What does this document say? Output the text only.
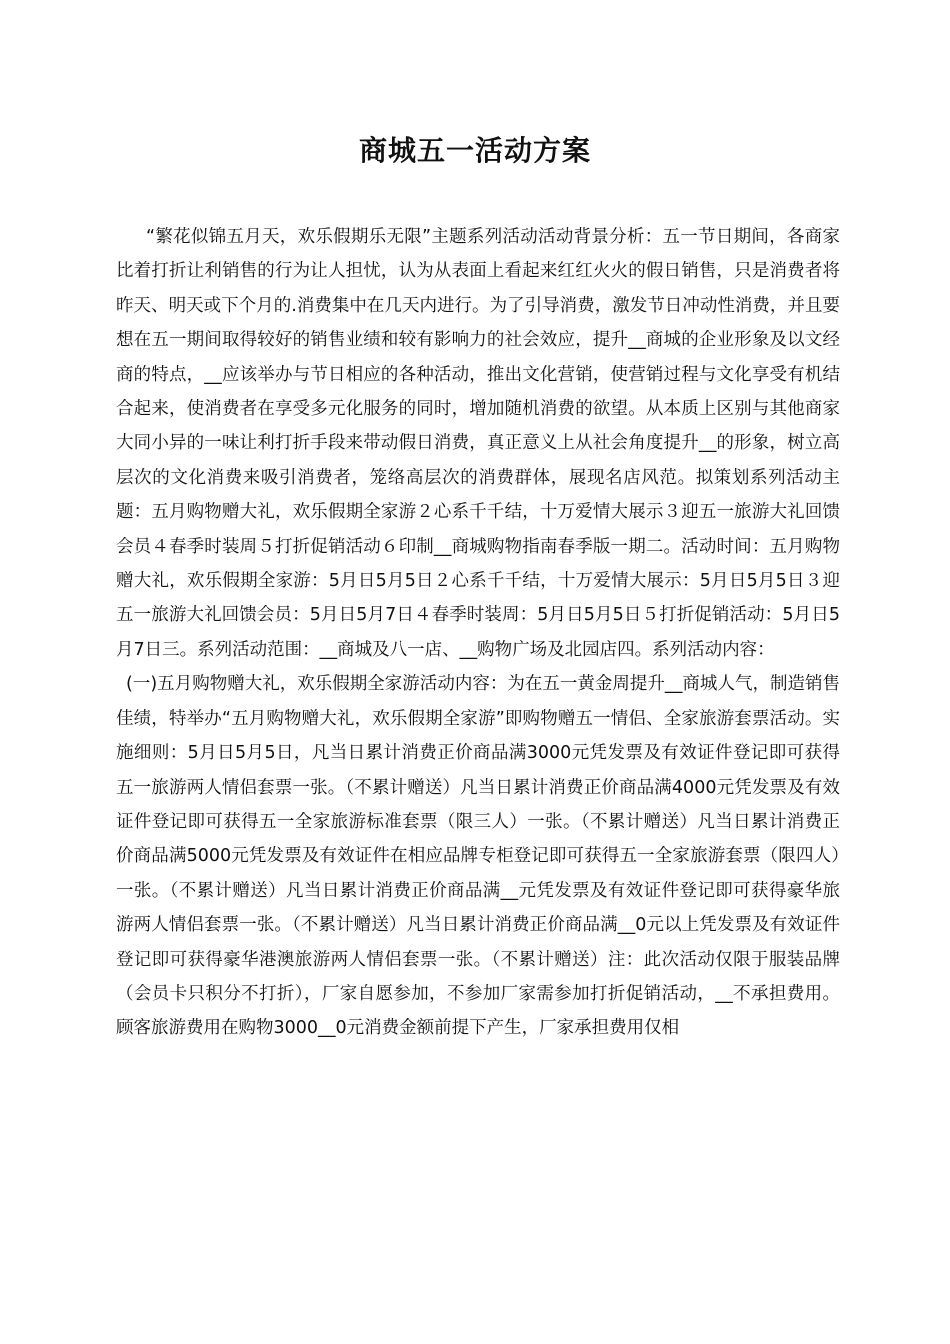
商城五一活动方案

“繁花似锦五月天，欢乐假期乐无限”主题系列活动活动背景分析：五一节日期间，各商家比着打折让利销售的行为让人担忧，认为从表面上看起来红红火火的假日销售，只是消费者将昨天、明天或下个月的.消费集中在几天内进行。为了引导消费，激发节日冲动性消费，并且要想在五一期间取得较好的销售业绩和较有影响力的社会效应，提升__商城的企业形象及以文经商的特点，__应该举办与节日相应的各种活动，推出文化营销，使营销过程与文化享受有机结合起来，使消费者在享受多元化服务的同时，增加随机消费的欲望。从本质上区别与其他商家大同小异的一味让利打折手段来带动假日消费，真正意义上从社会角度提升__的形象，树立高层次的文化消费来吸引消费者，笼络高层次的消费群体，展现名店风范。拟策划系列活动主题：五月购物赠大礼，欢乐假期全家游２心系千千结，十万爱情大展示３迎五一旅游大礼回馈会员４春季时装周５打折促销活动６印制__商城购物指南春季版一期二。活动时间：五月购物赠大礼，欢乐假期全家游：5月日5月5日２心系千千结，十万爱情大展示：5月日5月5日３迎五一旅游大礼回馈会员：5月日5月7日４春季时装周：5月日5月5日５打折促销活动：5月日5月7日三。系列活动范围：__商城及八一店、__购物广场及北园店四。系列活动内容：

(一)五月购物赠大礼，欢乐假期全家游活动内容：为在五一黄金周提升__商城人气，制造销售佳绩，特举办“五月购物赠大礼，欢乐假期全家游”即购物赠五一情侣、全家旅游套票活动。实施细则：5月日5月5日，凡当日累计消费正价商品满3000元凭发票及有效证件登记即可获得五一旅游两人情侣套票一张。（不累计赠送）凡当日累计消费正价商品满4000元凭发票及有效证件登记即可获得五一全家旅游标准套票（限三人）一张。（不累计赠送）凡当日累计消费正价商品满5000元凭发票及有效证件在相应品牌专柜登记即可获得五一全家旅游套票（限四人）一张。（不累计赠送）凡当日累计消费正价商品满__元凭发票及有效证件登记即可获得豪华旅游两人情侣套票一张。（不累计赠送）凡当日累计消费正价商品满__0元以上凭发票及有效证件登记即可获得豪华港澳旅游两人情侣套票一张。（不累计赠送）注：此次活动仅限于服装品牌（会员卡只积分不打折），厂家自愿参加，不参加厂家需参加打折促销活动，__不承担费用。顾客旅游费用在购物3000__0元消费金额前提下产生，厂家承担费用仅相
